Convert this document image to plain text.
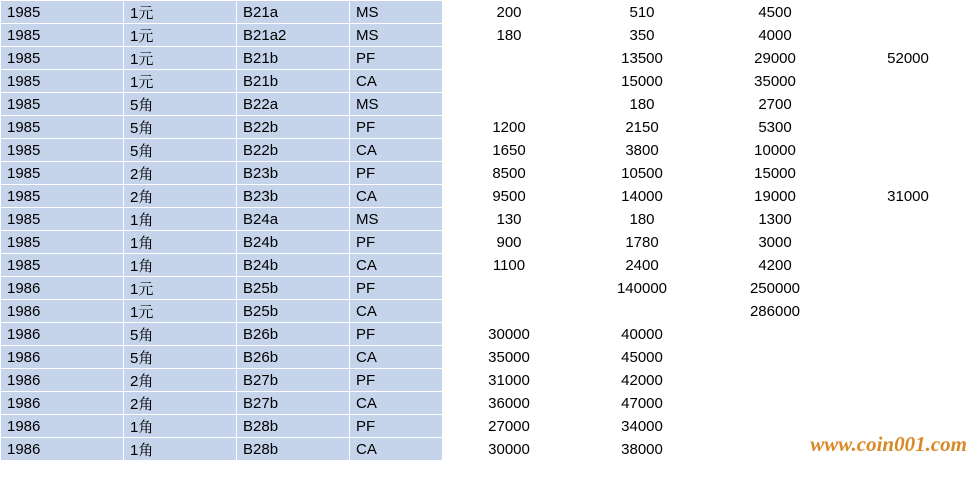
1985	1元	B21a	MS	200	510	4500	
1985	1元	B21a2	MS	180	350	4000	
1985	1元	B21b	PF		13500	29000	52000
1985	1元	B21b	CA		15000	35000	
1985	5角	B22a	MS		180	2700	
1985	5角	B22b	PF	1200	2150	5300	
1985	5角	B22b	CA	1650	3800	10000	
1985	2角	B23b	PF	8500	10500	15000	
1985	2角	B23b	CA	9500	14000	19000	31000
1985	1角	B24a	MS	130	180	1300	
1985	1角	B24b	PF	900	1780	3000	
1985	1角	B24b	CA	1100	2400	4200	
1986	1元	B25b	PF		140000	250000	
1986	1元	B25b	CA			286000	
1986	5角	B26b	PF	30000	40000		
1986	5角	B26b	CA	35000	45000		
1986	2角	B27b	PF	31000	42000		
1986	2角	B27b	CA	36000	47000		
1986	1角	B28b	PF	27000	34000		
1986	1角	B28b	CA	30000	38000			www.coin001.com
